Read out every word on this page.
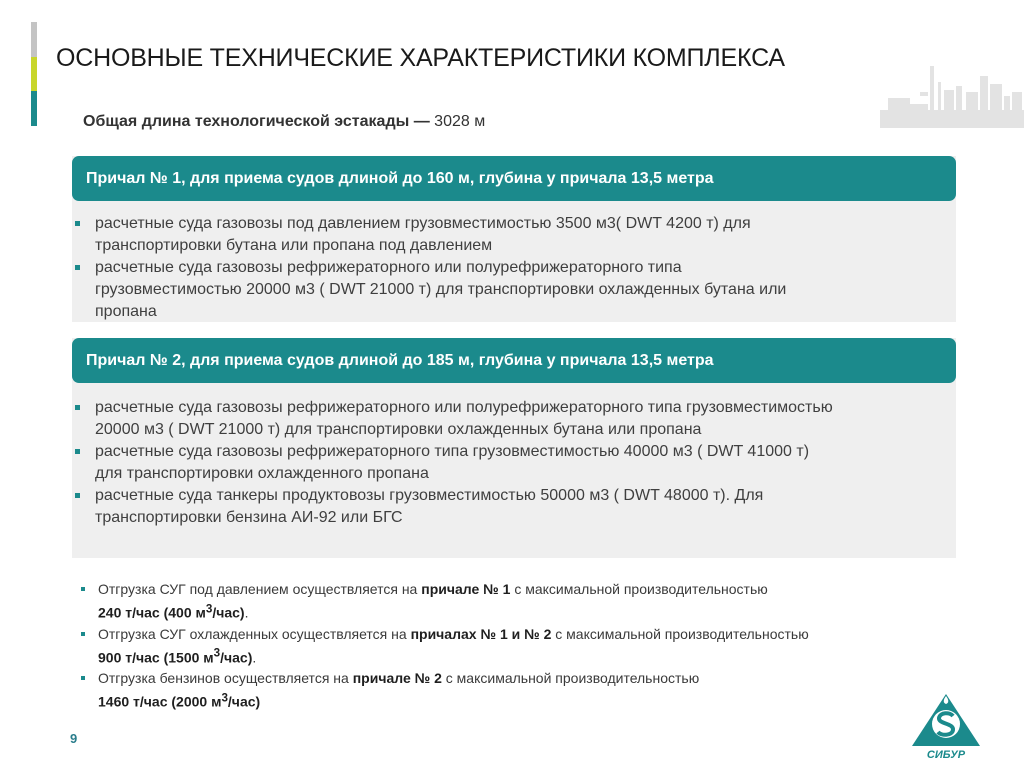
ОСНОВНЫЕ ТЕХНИЧЕСКИЕ ХАРАКТЕРИСТИКИ КОМПЛЕКСА
Общая длина технологической эстакады — 3028 м
Причал № 1, для приема судов длиной до 160 м, глубина у причала 13,5 метра
расчетные суда газовозы под давлением грузовместимостью 3500 м3( DWT 4200 т) для
транспортировки бутана или пропана под давлением
расчетные суда газовозы рефрижераторного или полурефрижераторного типа
грузовместимостью 20000 м3 ( DWT 21000 т) для транспортировки охлажденных бутана или
пропана
Причал № 2, для приема судов длиной до 185 м, глубина у причала 13,5 метра
расчетные суда газовозы рефрижераторного или полурефрижераторного типа грузовместимостью
20000 м3 ( DWT 21000 т) для транспортировки охлажденных бутана или пропана
расчетные суда газовозы рефрижераторного типа грузовместимостью 40000 м3 ( DWT 41000 т)
для транспортировки охлажденного пропана
расчетные суда танкеры продуктовозы грузовместимостью 50000 м3 ( DWT 48000 т). Для
транспортировки бензина АИ-92 или БГС
Отгрузка СУГ под давлением осуществляется на причале № 1 с максимальной производительностью
240 т/час (400 $м^3/час$).
Отгрузка СУГ охлажденных осуществляется на причалах № 1 и № 2 с максимальной производительностью
900 т/час (1500 $м^3/час$).
Отгрузка бензинов осуществляется на причале № 2 с максимальной производительностью
1460 т/час (2000 $м^3/час$)
9
СИБУР
